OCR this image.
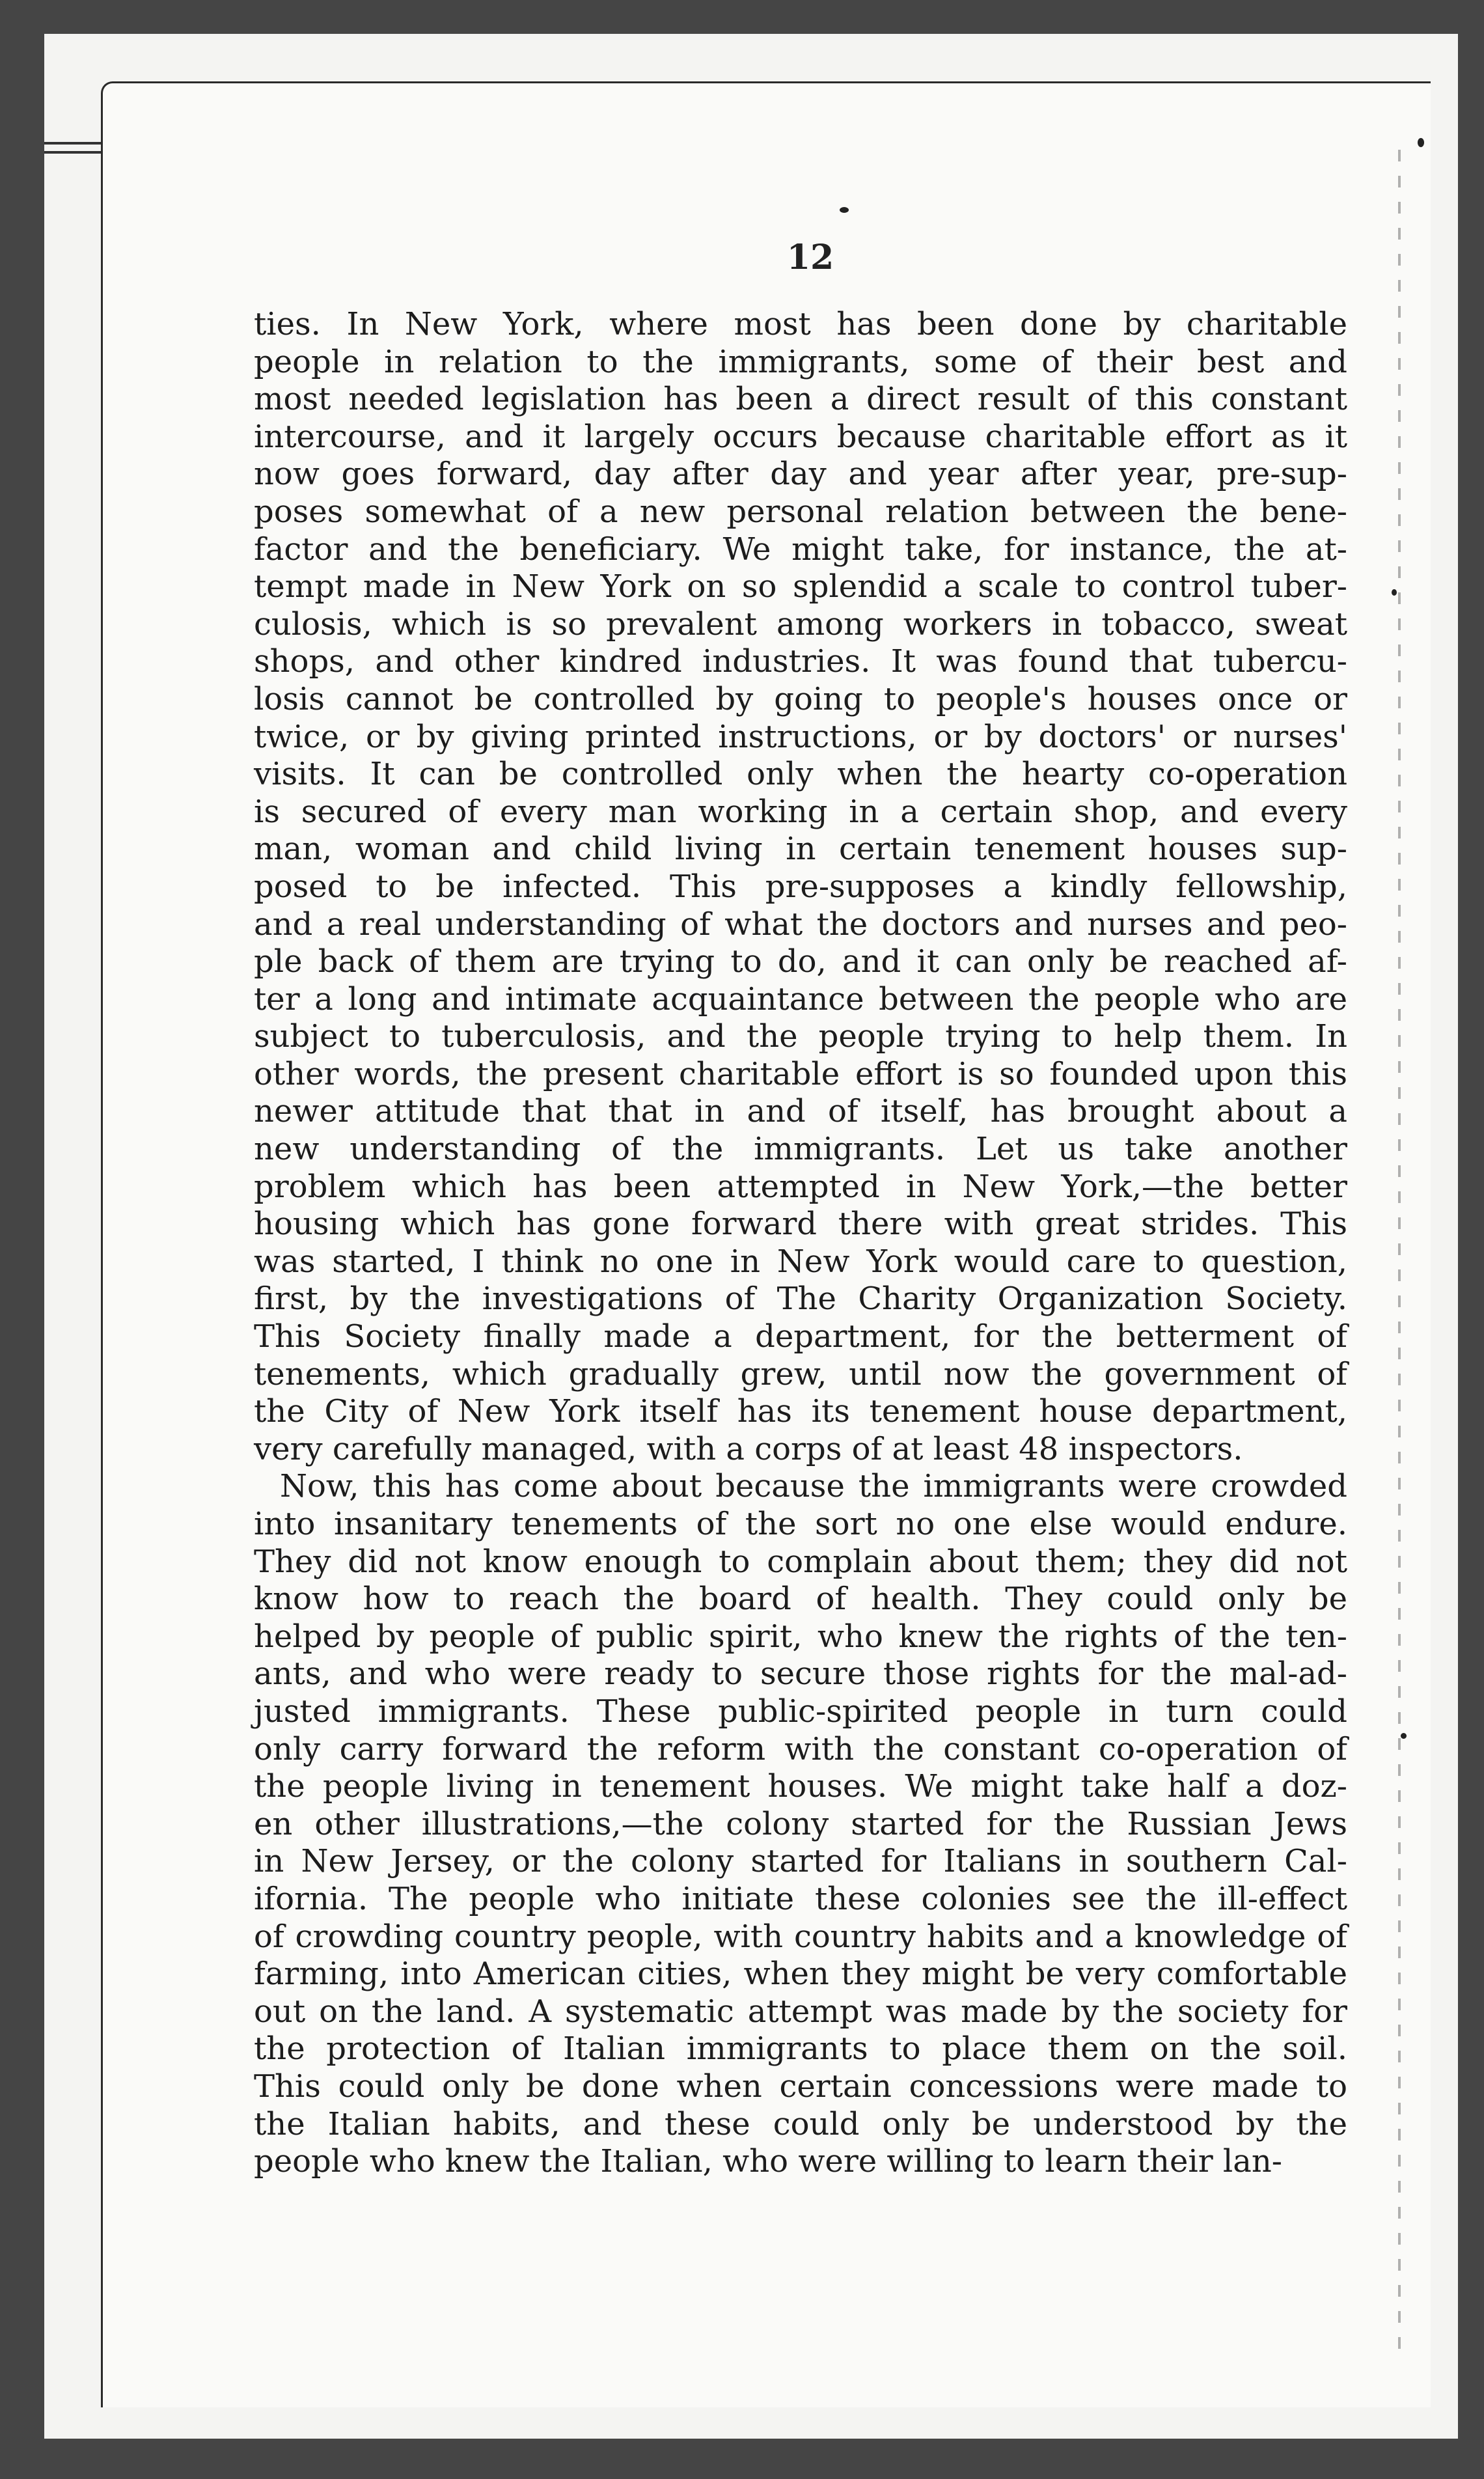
12
ties. In New York, where most has been done by charitable
people in relation to the immigrants, some of their best and
most needed legislation has been a direct result of this constant
intercourse, and it largely occurs because charitable effort as it
now goes forward, day after day and year after year, pre-sup-
poses somewhat of a new personal relation between the bene-
factor and the beneficiary. We might take, for instance, the at-
tempt made in New York on so splendid a scale to control tuber-
culosis, which is so prevalent among workers in tobacco, sweat
shops, and other kindred industries. It was found that tubercu-
losis cannot be controlled by going to people's houses once or
twice, or by giving printed instructions, or by doctors' or nurses'
visits. It can be controlled only when the hearty co-operation
is secured of every man working in a certain shop, and every
man, woman and child living in certain tenement houses sup-
posed to be infected. This pre-supposes a kindly fellowship,
and a real understanding of what the doctors and nurses and peo-
ple back of them are trying to do, and it can only be reached af-
ter a long and intimate acquaintance between the people who are
subject to tuberculosis, and the people trying to help them. In
other words, the present charitable effort is so founded upon this
newer attitude that that in and of itself, has brought about a
new understanding of the immigrants. Let us take another
problem which has been attempted in New York,—the better
housing which has gone forward there with great strides. This
was started, I think no one in New York would care to question,
first, by the investigations of The Charity Organization Society.
This Society finally made a department, for the betterment of
tenements, which gradually grew, until now the government of
the City of New York itself has its tenement house department,
very carefully managed, with a corps of at least 48 inspectors.
Now, this has come about because the immigrants were crowded
into insanitary tenements of the sort no one else would endure.
They did not know enough to complain about them; they did not
know how to reach the board of health. They could only be
helped by people of public spirit, who knew the rights of the ten-
ants, and who were ready to secure those rights for the mal-ad-
justed immigrants. These public-spirited people in turn could
only carry forward the reform with the constant co-operation of
the people living in tenement houses. We might take half a doz-
en other illustrations,—the colony started for the Russian Jews
in New Jersey, or the colony started for Italians in southern Cal-
ifornia. The people who initiate these colonies see the ill-effect
of crowding country people, with country habits and a knowledge of
farming, into American cities, when they might be very comfortable
out on the land. A systematic attempt was made by the society for
the protection of Italian immigrants to place them on the soil.
This could only be done when certain concessions were made to
the Italian habits, and these could only be understood by the
people who knew the Italian, who were willing to learn their lan-
